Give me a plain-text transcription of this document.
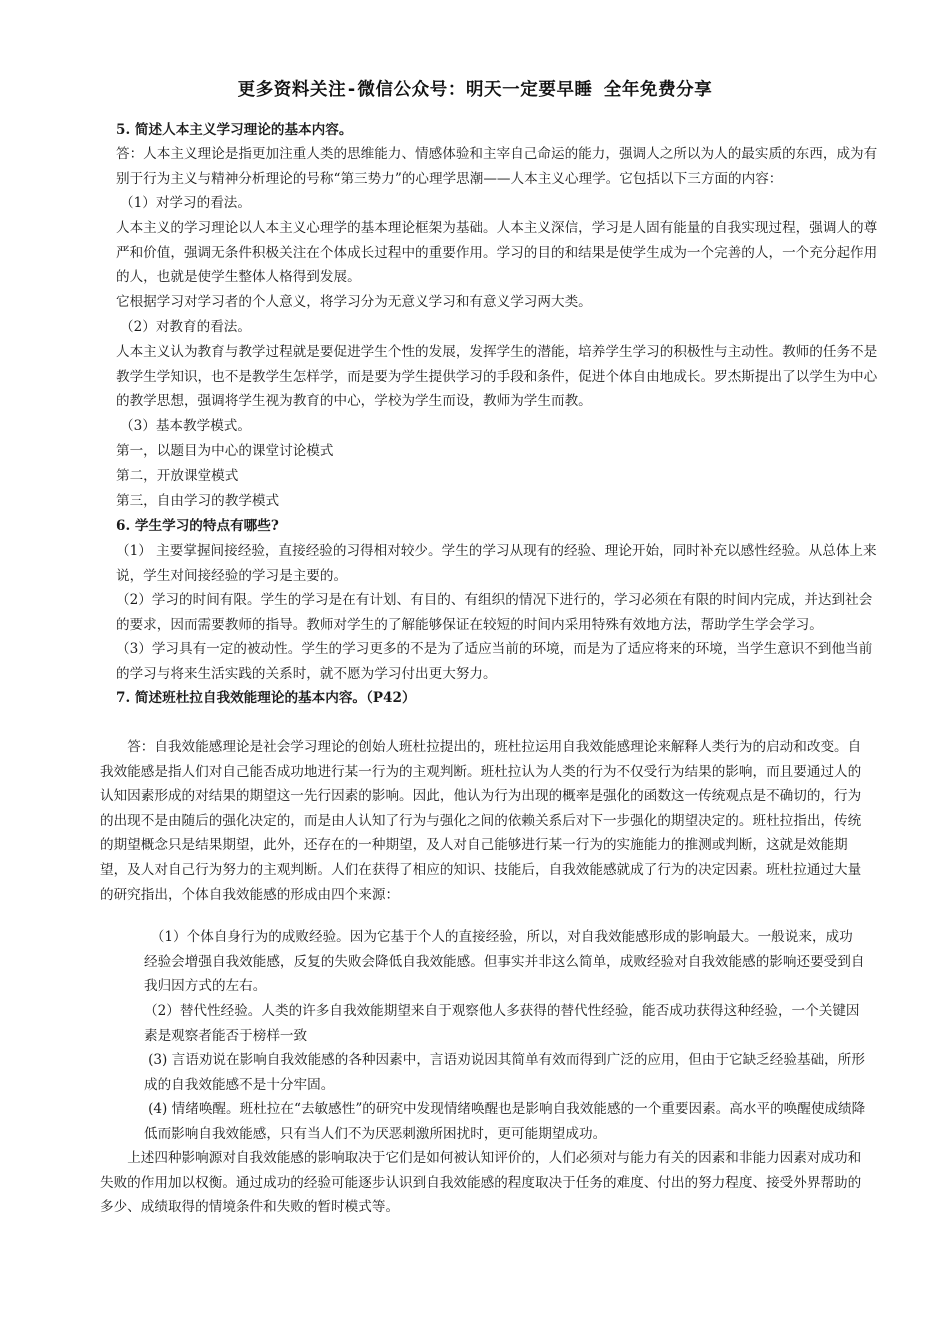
更多资料关注-微信公众号：明天一定要早睡 全年免费分享

5. 简述人本主义学习理论的基本内容。

答：人本主义理论是指更加注重人类的思维能力、情感体验和主宰自己命运的能力，强调人之所以为人的最实质的东西，成为有别于行为主义与精神分析理论的号称“第三势力”的心理学思潮——人本主义心理学。它包括以下三方面的内容：

（1）对学习的看法。

人本主义的学习理论以人本主义心理学的基本理论框架为基础。人本主义深信，学习是人固有能量的自我实现过程，强调人的尊严和价值，强调无条件积极关注在个体成长过程中的重要作用。学习的目的和结果是使学生成为一个完善的人，一个充分起作用的人，也就是使学生整体人格得到发展。

它根据学习对学习者的个人意义，将学习分为无意义学习和有意义学习两大类。

（2）对教育的看法。

人本主义认为教育与教学过程就是要促进学生个性的发展，发挥学生的潜能，培养学生学习的积极性与主动性。教师的任务不是教学生学知识，也不是教学生怎样学，而是要为学生提供学习的手段和条件，促进个体自由地成长。罗杰斯提出了以学生为中心的教学思想，强调将学生视为教育的中心，学校为学生而设，教师为学生而教。

（3）基本教学模式。

第一，以题目为中心的课堂讨论模式

第二，开放课堂模式

第三，自由学习的教学模式

6. 学生学习的特点有哪些?

（1） 主要掌握间接经验，直接经验的习得相对较少。学生的学习从现有的经验、理论开始，同时补充以感性经验。从总体上来说，学生对间接经验的学习是主要的。

（2）学习的时间有限。学生的学习是在有计划、有目的、有组织的情况下进行的，学习必须在有限的时间内完成，并达到社会的要求，因而需要教师的指导。教师对学生的了解能够保证在较短的时间内采用特殊有效地方法，帮助学生学会学习。

（3）学习具有一定的被动性。学生的学习更多的不是为了适应当前的环境，而是为了适应将来的环境，当学生意识不到他当前的学习与将来生活实践的关系时，就不愿为学习付出更大努力。

7. 简述班杜拉自我效能理论的基本内容。（P42）

答：自我效能感理论是社会学习理论的创始人班杜拉提出的，班杜拉运用自我效能感理论来解释人类行为的启动和改变。自我效能感是指人们对自己能否成功地进行某一行为的主观判断。班杜拉认为人类的行为不仅受行为结果的影响，而且要通过人的认知因素形成的对结果的期望这一先行因素的影响。因此，他认为行为出现的概率是强化的函数这一传统观点是不确切的，行为的出现不是由随后的强化决定的，而是由人认知了行为与强化之间的依赖关系后对下一步强化的期望决定的。班杜拉指出，传统的期望概念只是结果期望，此外，还存在的一种期望，及人对自己能够进行某一行为的实施能力的推测或判断，这就是效能期望，及人对自己行为努力的主观判断。人们在获得了相应的知识、技能后，自我效能感就成了行为的决定因素。班杜拉通过大量的研究指出，个体自我效能感的形成由四个来源：

（1）个体自身行为的成败经验。因为它基于个人的直接经验，所以，对自我效能感形成的影响最大。一般说来，成功经验会增强自我效能感，反复的失败会降低自我效能感。但事实并非这么简单，成败经验对自我效能感的影响还要受到自我归因方式的左右。

（2）替代性经验。人类的许多自我效能期望来自于观察他人多获得的替代性经验，能否成功获得这种经验，一个关键因素是观察者能否于榜样一致

(3) 言语劝说在影响自我效能感的各种因素中，言语劝说因其简单有效而得到广泛的应用，但由于它缺乏经验基础，所形成的自我效能感不是十分牢固。

(4) 情绪唤醒。班杜拉在“去敏感性”的研究中发现情绪唤醒也是影响自我效能感的一个重要因素。高水平的唤醒使成绩降低而影响自我效能感，只有当人们不为厌恶刺激所困扰时，更可能期望成功。

上述四种影响源对自我效能感的影响取决于它们是如何被认知评价的，人们必须对与能力有关的因素和非能力因素对成功和失败的作用加以权衡。通过成功的经验可能逐步认识到自我效能感的程度取决于任务的难度、付出的努力程度、接受外界帮助的多少、成绩取得的情境条件和失败的暂时模式等。
